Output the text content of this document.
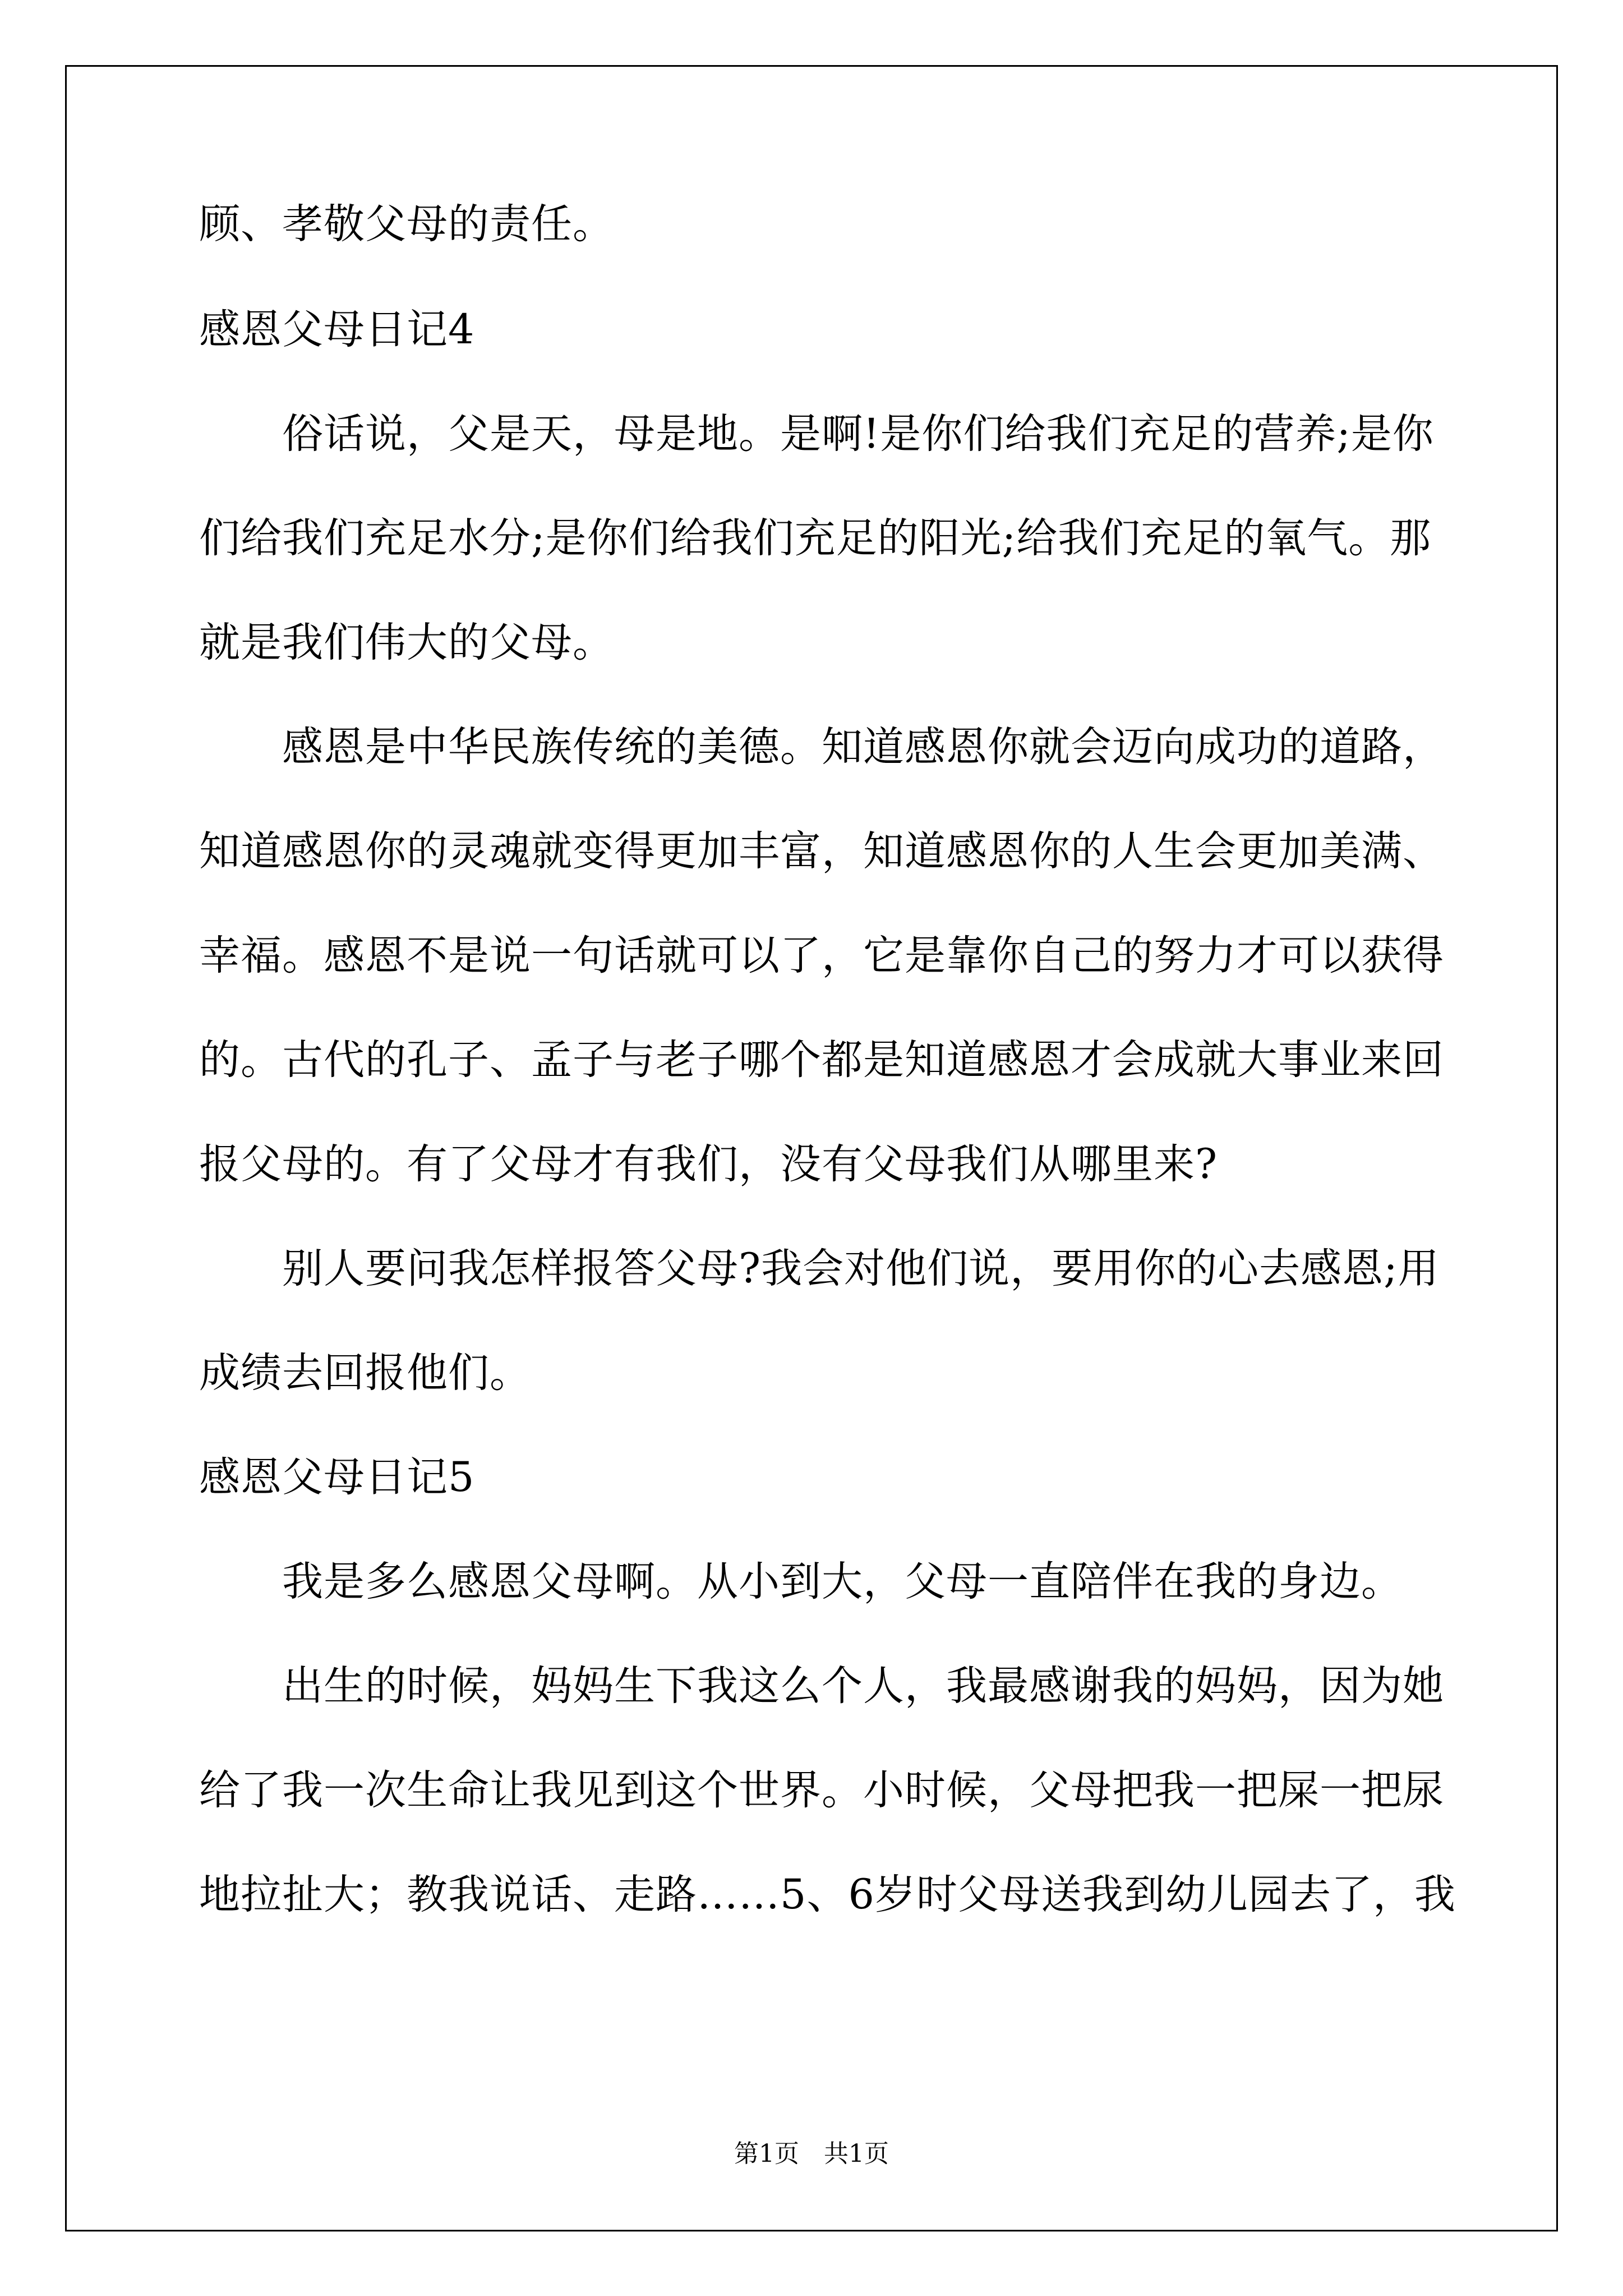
顾、孝敬父母的责任。

感恩父母日记4

　　俗话说，父是天，母是地。是啊!是你们给我们充足的营养;是你

们给我们充足水分;是你们给我们充足的阳光;给我们充足的氧气。那

就是我们伟大的父母。

　　感恩是中华民族传统的美德。知道感恩你就会迈向成功的道路，

知道感恩你的灵魂就变得更加丰富，知道感恩你的人生会更加美满、

幸福。感恩不是说一句话就可以了，它是靠你自己的努力才可以获得

的。古代的孔子、孟子与老子哪个都是知道感恩才会成就大事业来回

报父母的。有了父母才有我们，没有父母我们从哪里来?

　　别人要问我怎样报答父母?我会对他们说，要用你的心去感恩;用

成绩去回报他们。

感恩父母日记5

　　我是多么感恩父母啊。从小到大，父母一直陪伴在我的身边。

　　出生的时候，妈妈生下我这么个人，我最感谢我的妈妈，因为她

给了我一次生命让我见到这个世界。小时候，父母把我一把屎一把尿

地拉扯大；教我说话、走路……5、6岁时父母送我到幼儿园去了，我

第1页　共1页
